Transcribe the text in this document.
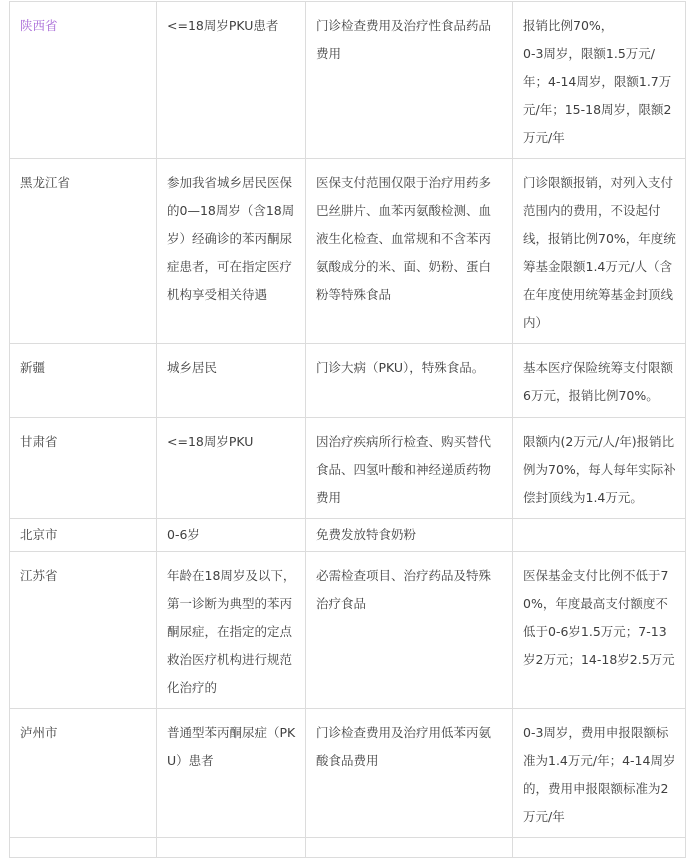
陕西省	<=18周岁PKU患者	门诊检查费用及治疗性食品药品费用	报销比例70%，
0-3周岁，限额1.5万元/年；4-14周岁，限额1.7万元/年；15-18周岁，限额2万元/年

黑龙江省	参加我省城乡居民医保的0—18周岁（含18周岁）经确诊的苯丙酮尿症患者，可在指定医疗机构享受相关待遇	医保支付范围仅限于治疗用药多巴丝肼片、血苯丙氨酸检测、血液生化检查、血常规和不含苯丙氨酸成分的米、面、奶粉、蛋白粉等特殊食品	门诊限额报销，对列入支付范围内的费用，不设起付线，报销比例70%，年度统筹基金限额1.4万元/人（含在年度使用统筹基金封顶线内）
新疆	城乡居民	门诊大病（PKU），特殊食品。	基本医疗保险统筹支付限额6万元，报销比例70%。
甘肃省	<=18周岁PKU	因治疗疾病所行检查、购买替代食品、四氢叶酸和神经递质药物费用	限额内(2万元/人/年)报销比例为70%，每人每年实际补偿封顶线为1.4万元。
北京市	0-6岁	免费发放特食奶粉	
江苏省	年龄在18周岁及以下，第一诊断为典型的苯丙酮尿症，在指定的定点救治医疗机构进行规范化治疗的	必需检查项目、治疗药品及特殊治疗食品	医保基金支付比例不低于70%，年度最高支付额度不低于0-6岁1.5万元；7-13岁2万元；14-18岁2.5万元
泸州市	普通型苯丙酮尿症（PKU）患者	门诊检查费用及治疗用低苯丙氨酸食品费用	0-3周岁，费用申报限额标准为1.4万元/年；4-14周岁的，费用申报限额标准为2万元/年
